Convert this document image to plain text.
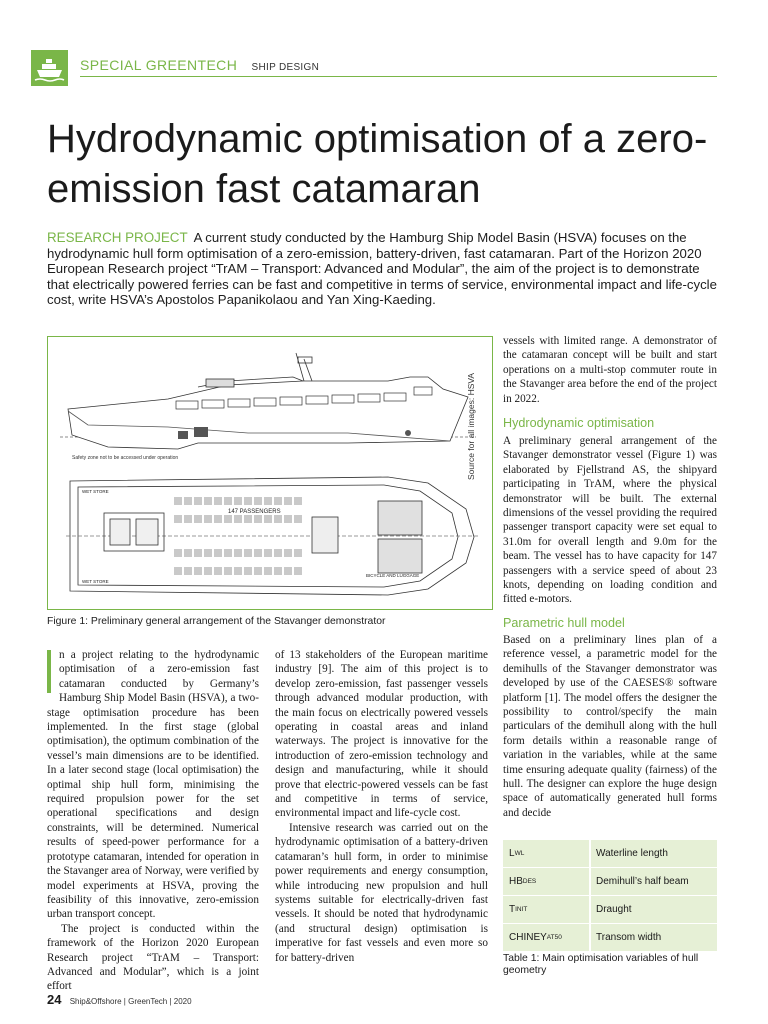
SPECIAL GREENTECH SHIP DESIGN
Hydrodynamic optimisation of a zero-emission fast catamaran

RESEARCH PROJECT A current study conducted by the Hamburg Ship Model Basin (HSVA) focuses on the hydrodynamic hull form optimisation of a zero-emission, battery-driven, fast catamaran. Part of the Horizon 2020 European Research project “TrAM – Transport: Advanced and Modular”, the aim of the project is to demonstrate that electrically powered ferries can be fast and competitive in terms of service, environmental impact and life-cycle cost, write HSVA’s Apostolos Papanikolaou and Yan Xing-Kaeding.

Safety zone not to be accessed under operation
147 PASSENGERS
BICYCLE AND LUGGAGE
WET STORE
WET STORE
Source for all images: HSVA
Figure 1: Preliminary general arrangement of the Stavanger demonstrator

n a project relating to the hydrodynamic optimisation of a zero-emission fast catamaran conducted by Germany’s Hamburg Ship Model Basin (HSVA), a two-stage optimisation procedure has been implemented. In the first stage (global optimisation), the optimum combination of the vessel’s main dimensions are to be identified. In a later second stage (local optimisation) the optimal ship hull form, minimising the required propulsion power for the set operational specifications and design constraints, will be determined. Numerical results of speed-power performance for a prototype catamaran, intended for operation in the Stavanger area of Norway, were verified by model experiments at HSVA, proving the feasibility of this innovative, zero-emission urban transport concept.

The project is conducted within the framework of the Horizon 2020 European Research project “TrAM – Transport: Advanced and Modular”, which is a joint effort

of 13 stakeholders of the European maritime industry [9]. The aim of this project is to develop zero-emission, fast passenger vessels through advanced modular production, with the main focus on electrically powered vessels operating in coastal areas and inland waterways. The project is innovative for the introduction of zero-emission technology and design and manufacturing, while it should prove that electric-powered vessels can be fast and competitive in terms of service, environmental impact and life-cycle cost.

Intensive research was carried out on the hydrodynamic optimisation of a battery-driven catamaran’s hull form, in order to minimise power requirements and energy consumption, while introducing new propulsion and hull systems suitable for electrically-driven fast vessels. It should be noted that hydrodynamic (and structural design) optimisation is imperative for fast vessels and even more so for battery-driven

vessels with limited range. A demonstrator of the catamaran concept will be built and start operations on a multi-stop commuter route in the Stavanger area before the end of the project in 2022.

Hydrodynamic optimisation

A preliminary general arrangement of the Stavanger demonstrator vessel (Figure 1) was elaborated by Fjellstrand AS, the shipyard participating in TrAM, where the physical demonstrator will be built. The external dimensions of the vessel providing the required passenger transport capacity were set equal to 31.0m for overall length and 9.0m for the beam. The vessel has to have capacity for 147 passengers with a service speed of about 23 knots, depending on loading condition and fitted e-motors.

Parametric hull model

Based on a preliminary lines plan of a reference vessel, a parametric model for the demihulls of the Stavanger demonstrator was developed by use of the CAESES® software platform [1]. The model offers the designer the possibility to control/specify the main particulars of the demihull along with the hull form details within a reasonable range of variation in the variables, while at the same time ensuring adequate quality (fairness) of the hull. The designer can explore the huge design space of automatically generated hull forms and decide

L WL	Waterline length
HB DES	Demihull’s half beam
T INIT	Draught
CHINEY AT50	Transom width
Table 1: Main optimisation variables of hull geometry
24 Ship&Offshore | GreenTech | 2020
